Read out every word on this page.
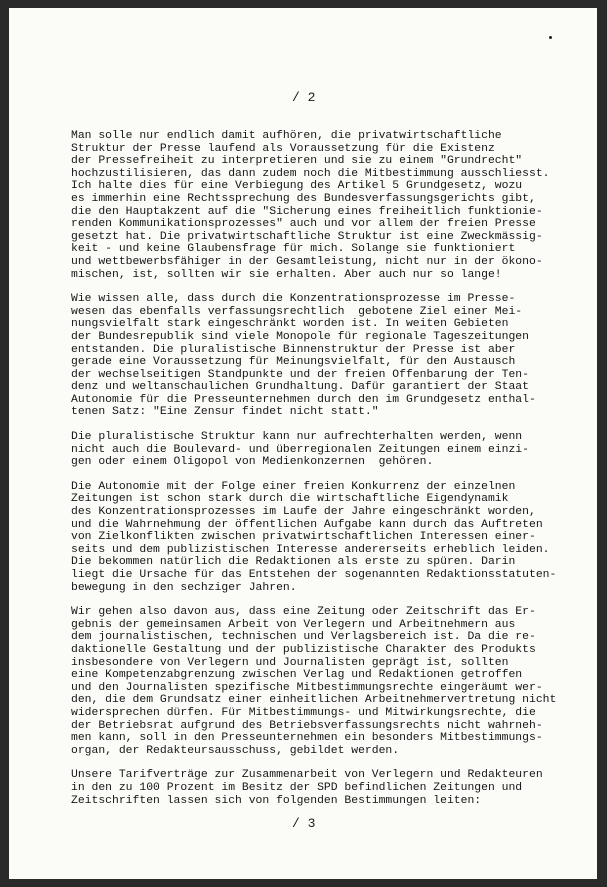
/ 2

Man solle nur endlich damit aufhören, die privatwirtschaftliche
Struktur der Presse laufend als Voraussetzung für die Existenz
der Pressefreiheit zu interpretieren und sie zu einem "Grundrecht"
hochzustilisieren, das dann zudem noch die Mitbestimmung ausschliesst.
Ich halte dies für eine Verbiegung des Artikel 5 Grundgesetz, wozu
es immerhin eine Rechtssprechung des Bundesverfassungsgerichts gibt,
die den Hauptakzent auf die "Sicherung eines freiheitlich funktionie-
renden Kommunikationsprozesses" auch und vor allem der freien Presse
gesetzt hat. Die privatwirtschaftliche Struktur ist eine Zweckmässig-
keit - und keine Glaubensfrage für mich. Solange sie funktioniert
und wettbewerbsfähiger in der Gesamtleistung, nicht nur in der ökono-
mischen, ist, sollten wir sie erhalten. Aber auch nur so lange!

Wie wissen alle, dass durch die Konzentrationsprozesse im Presse-
wesen das ebenfalls verfassungsrechtlich  gebotene Ziel einer Mei-
nungsvielfalt stark eingeschränkt worden ist. In weiten Gebieten
der Bundesrepublik sind viele Monopole für regionale Tageszeitungen
entstanden. Die pluralistische Binnenstruktur der Presse ist aber
gerade eine Voraussetzung für Meinungsvielfalt, für den Austausch
der wechselseitigen Standpunkte und der freien Offenbarung der Ten-
denz und weltanschaulichen Grundhaltung. Dafür garantiert der Staat
Autonomie für die Presseunternehmen durch den im Grundgesetz enthal-
tenen Satz: "Eine Zensur findet nicht statt."

Die pluralistische Struktur kann nur aufrechterhalten werden, wenn
nicht auch die Boulevard- und überregionalen Zeitungen einem einzi-
gen oder einem Oligopol von Medienkonzernen  gehören.

Die Autonomie mit der Folge einer freien Konkurrenz der einzelnen
Zeitungen ist schon stark durch die wirtschaftliche Eigendynamik
des Konzentrationsprozesses im Laufe der Jahre eingeschränkt worden,
und die Wahrnehmung der öffentlichen Aufgabe kann durch das Auftreten
von Zielkonflikten zwischen privatwirtschaftlichen Interessen einer-
seits und dem publizistischen Interesse andererseits erheblich leiden.
Die bekommen natürlich die Redaktionen als erste zu spüren. Darin
liegt die Ursache für das Entstehen der sogenannten Redaktionsstatuten-
bewegung in den sechziger Jahren.

Wir gehen also davon aus, dass eine Zeitung oder Zeitschrift das Er-
gebnis der gemeinsamen Arbeit von Verlegern und Arbeitnehmern aus
dem journalistischen, technischen und Verlagsbereich ist. Da die re-
daktionelle Gestaltung und der publizistische Charakter des Produkts
insbesondere von Verlegern und Journalisten geprägt ist, sollten
eine Kompetenzabgrenzung zwischen Verlag und Redaktionen getroffen
und den Journalisten spezifische Mitbestimmungsrechte eingeräumt wer-
den, die dem Grundsatz einer einheitlichen Arbeitnehmervertretung nicht
widersprechen dürfen. Für Mitbestimmungs- und Mitwirkungsrechte, die
der Betriebsrat aufgrund des Betriebsverfassungsrechts nicht wahrneh-
men kann, soll in den Presseunternehmen ein besonders Mitbestimmungs-
organ, der Redakteursausschuss, gebildet werden.

Unsere Tarifverträge zur Zusammenarbeit von Verlegern und Redakteuren
in den zu 100 Prozent im Besitz der SPD befindlichen Zeitungen und
Zeitschriften lassen sich von folgenden Bestimmungen leiten:

/ 3
